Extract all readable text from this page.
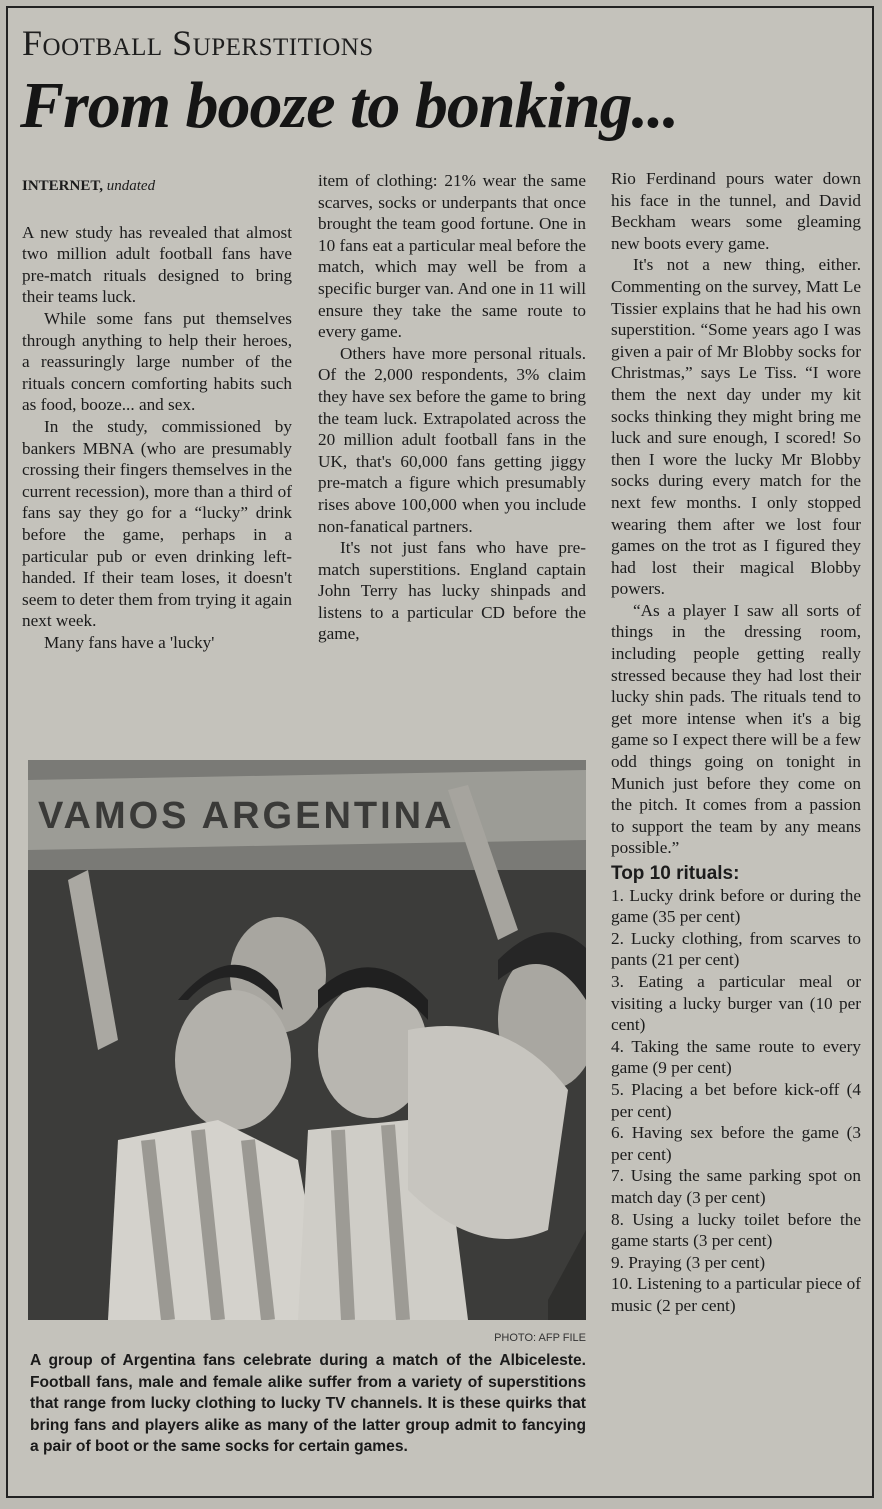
Football Superstitions
From booze to bonking...
INTERNET, undated

A new study has revealed that almost two million adult football fans have pre-match rituals designed to bring their teams luck.

While some fans put themselves through anything to help their heroes, a reassuringly large number of the rituals concern comforting habits such as food, booze... and sex.

In the study, commissioned by bankers MBNA (who are presumably crossing their fingers themselves in the current recession), more than a third of fans say they go for a “lucky” drink before the game, perhaps in a particular pub or even drinking left-handed. If their team loses, it doesn't seem to deter them from trying it again next week.

Many fans have a 'lucky'

item of clothing: 21% wear the same scarves, socks or underpants that once brought the team good fortune. One in 10 fans eat a particular meal before the match, which may well be from a specific burger van. And one in 11 will ensure they take the same route to every game.

Others have more personal rituals. Of the 2,000 respondents, 3% claim they have sex before the game to bring the team luck. Extrapolated across the 20 million adult football fans in the UK, that's 60,000 fans getting jiggy pre-match a figure which presumably rises above 100,000 when you include non-fanatical partners.

It's not just fans who have pre-match superstitions. England captain John Terry has lucky shinpads and listens to a particular CD before the game,

Rio Ferdinand pours water down his face in the tunnel, and David Beckham wears some gleaming new boots every game.

It's not a new thing, either. Commenting on the survey, Matt Le Tissier explains that he had his own superstition. “Some years ago I was given a pair of Mr Blobby socks for Christmas,” says Le Tiss. “I wore them the next day under my kit socks thinking they might bring me luck and sure enough, I scored! So then I wore the lucky Mr Blobby socks during every match for the next few months. I only stopped wearing them after we lost four games on the trot as I figured they had lost their magical Blobby powers.

“As a player I saw all sorts of things in the dressing room, including people getting really stressed because they had lost their lucky shin pads. The rituals tend to get more intense when it's a big game so I expect there will be a few odd things going on tonight in Munich just before they come on the pitch. It comes from a passion to support the team by any means possible.”

Top 10 rituals:

1. Lucky drink before or during the game (35 per cent)

2. Lucky clothing, from scarves to pants (21 per cent)

3. Eating a particular meal or visiting a lucky burger van (10 per cent)

4. Taking the same route to every game (9 per cent)

5. Placing a bet before kick-off (4 per cent)

6. Having sex before the game (3 per cent)

7. Using the same parking spot on match day (3 per cent)

8. Using a lucky toilet before the game starts (3 per cent)

9. Praying (3 per cent)

10. Listening to a particular piece of music (2 per cent)

VAMOS ARGENTINA
PHOTO: AFP FILE
A group of Argentina fans celebrate during a match of the Albiceleste. Football fans, male and female alike suffer from a variety of superstitions that range from lucky clothing to lucky TV channels. It is these quirks that bring fans and players alike as many of the latter group admit to fancying a pair of boot or the same socks for certain games.
